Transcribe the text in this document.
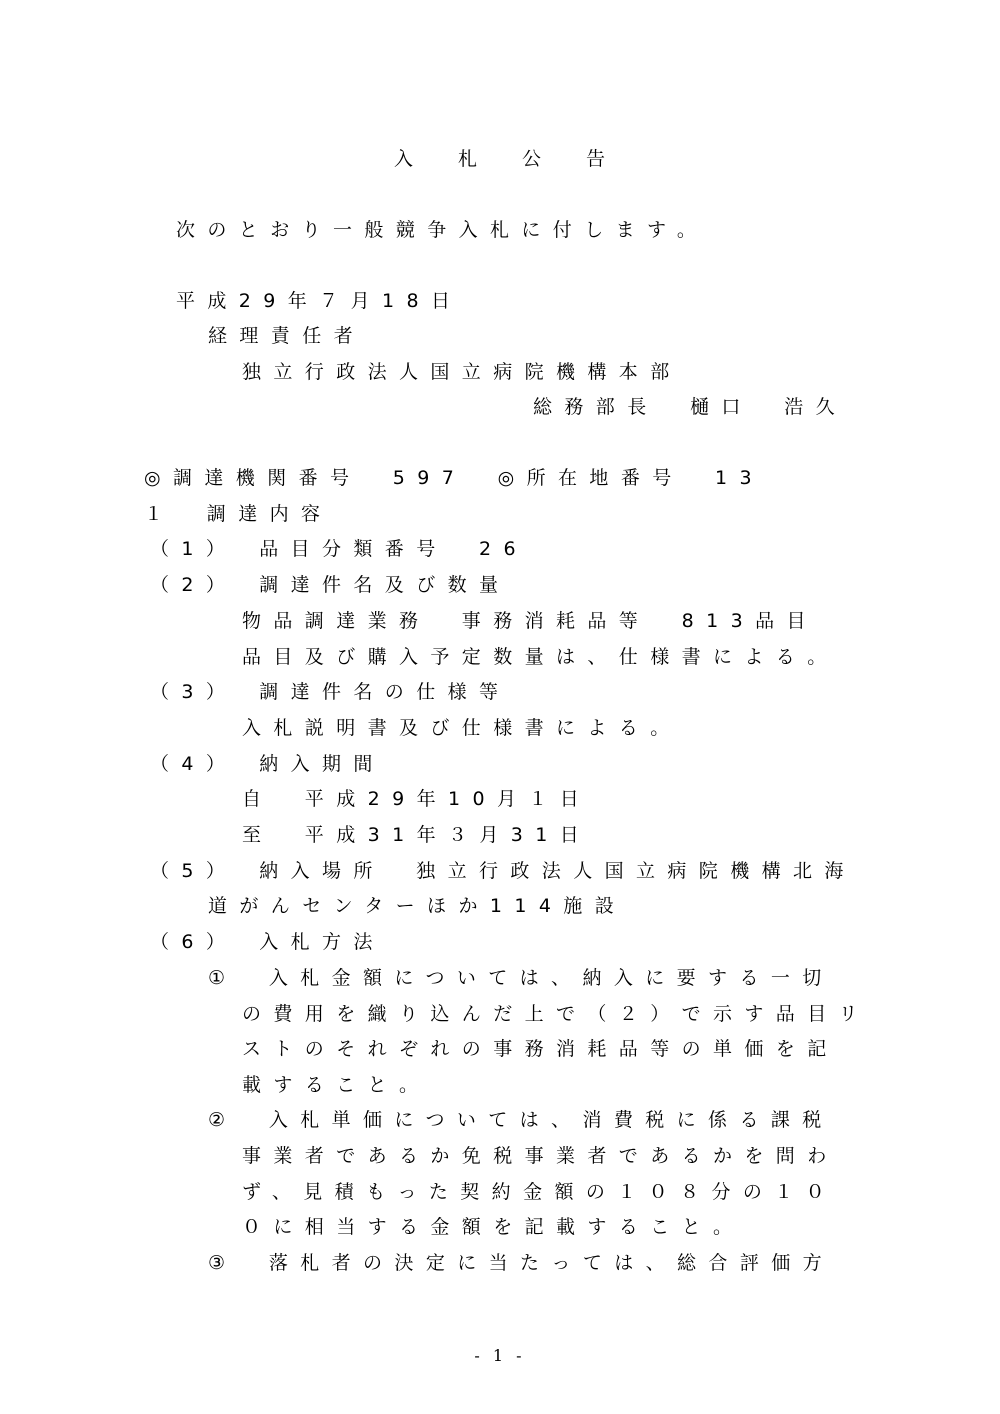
- 1 -
入札公告
次のとおり一般競争入札に付します。
平成29年７月18日
経理責任者
独立行政法人国立病院機構本部
総務部長　樋口　浩久
◎調達機関番号　597　◎所在地番号　13
１　調達内容
（1）　品目分類番号　26
（2）　調達件名及び数量
物品調達業務　事務消耗品等　813品目
品目及び購入予定数量は、仕様書による。
（3）　調達件名の仕様等
入札説明書及び仕様書による。
（4）　納入期間
自　平成29年10月１日
至　平成31年３月31日
（5）　納入場所　独立行政法人国立病院機構北海
道がんセンターほか114施設
（6）　入札方法
①　入札金額については、納入に要する一切
の費用を織り込んだ上で（２）で示す品目リ
ストのそれぞれの事務消耗品等の単価を記
載すること。
②　入札単価については、消費税に係る課税
事業者であるか免税事業者であるかを問わ
ず、見積もった契約金額の１０８分の１０
０に相当する金額を記載すること。
③　落札者の決定に当たっては、総合評価方
